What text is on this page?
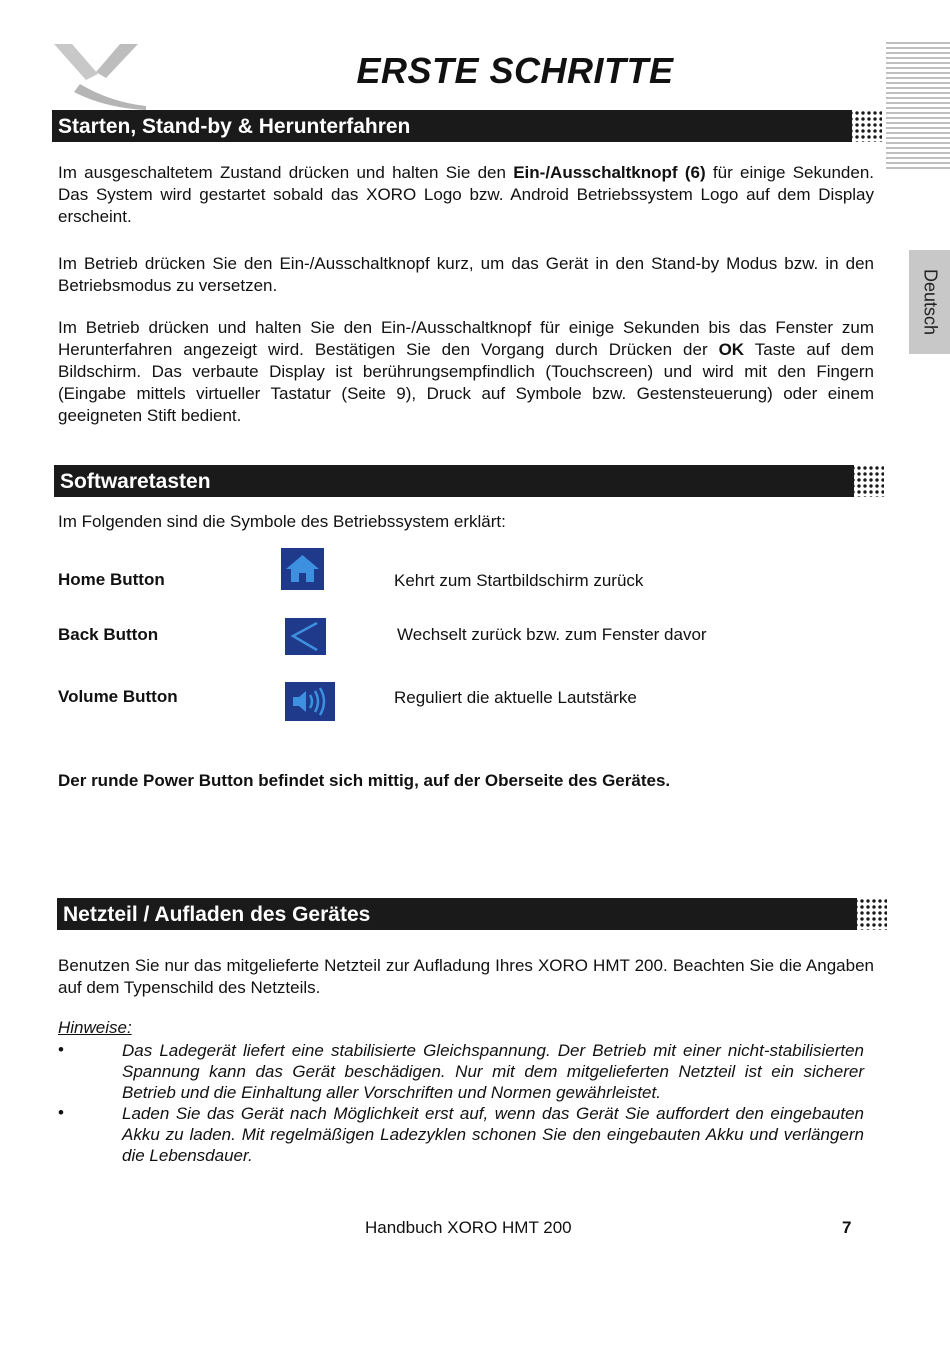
ERSTE SCHRITTE
Deutsch
Starten, Stand-by & Herunterfahren

Im ausgeschaltetem Zustand drücken und halten Sie den Ein-/Ausschaltknopf (6) für einige Sekunden. Das System wird gestartet sobald das XORO Logo bzw. Android Betriebssystem Logo auf dem Display erscheint.

Im Betrieb drücken Sie den Ein-/Ausschaltknopf kurz, um das Gerät in den Stand-by Modus bzw. in den Betriebsmodus zu versetzen.

Im Betrieb drücken und halten Sie den Ein-/Ausschaltknopf für einige Sekunden bis das Fenster zum Herunterfahren angezeigt wird. Bestätigen Sie den Vorgang durch Drücken der OK Taste auf dem Bildschirm. Das verbaute Display ist berührungsempfindlich (Touchscreen) und wird mit den Fingern (Eingabe mittels virtueller Tastatur (Seite 9), Druck auf Symbole bzw. Gestensteuerung) oder einem geeigneten Stift bedient.

Softwaretasten

Im Folgenden sind die Symbole des Betriebssystem erklärt:

Home Button	Kehrt zum Startbildschirm zurück
Back Button	Wechselt zurück bzw. zum Fenster davor
Volume Button	Reguliert die aktuelle Lautstärke
Der runde Power Button befindet sich mittig, auf der Oberseite des Gerätes.
Netzteil / Aufladen des Gerätes

Benutzen Sie nur das mitgelieferte Netzteil zur Aufladung Ihres XORO HMT 200. Beachten Sie die Angaben auf dem Typenschild des Netzteils.

Hinweise:
•	Das Ladegerät liefert eine stabilisierte Gleichspannung. Der Betrieb mit einer nicht-stabilisierten Spannung kann das Gerät beschädigen. Nur mit dem mitgelieferten Netzteil ist ein sicherer Betrieb und die Einhaltung aller Vorschriften und Normen gewährleistet.

•	Laden Sie das Gerät nach Möglichkeit erst auf, wenn das Gerät Sie auffordert den eingebauten Akku zu laden. Mit regelmäßigen Ladezyklen schonen Sie den eingebauten Akku und verlängern die Lebensdauer.

Handbuch XORO HMT 200	7
